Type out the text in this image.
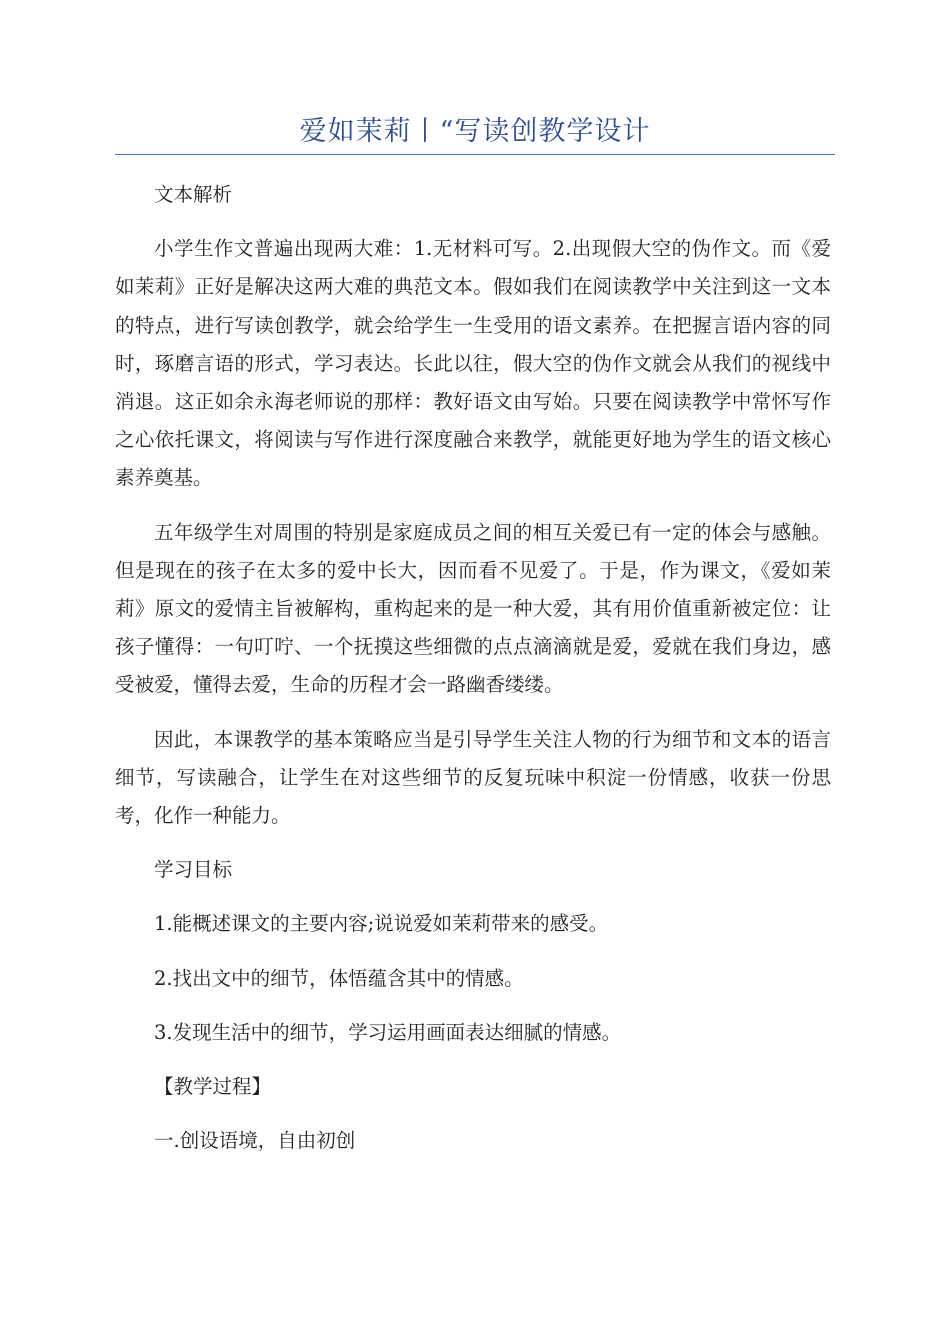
爱如茉莉丨“写读创教学设计

文本解析

小学生作文普遍出现两大难：1.无材料可写。2.出现假大空的伪作文。而《爱如茉莉》正好是解决这两大难的典范文本。假如我们在阅读教学中关注到这一文本的特点，进行写读创教学，就会给学生一生受用的语文素养。在把握言语内容的同时，琢磨言语的形式，学习表达。长此以往，假大空的伪作文就会从我们的视线中消退。这正如余永海老师说的那样：教好语文由写始。只要在阅读教学中常怀写作之心依托课文，将阅读与写作进行深度融合来教学，就能更好地为学生的语文核心素养奠基。

五年级学生对周围的特别是家庭成员之间的相互关爱已有一定的体会与感触。但是现在的孩子在太多的爱中长大，因而看不见爱了。于是，作为课文，《爱如茉莉》原文的爱情主旨被解构，重构起来的是一种大爱，其有用价值重新被定位：让孩子懂得：一句叮咛、一个抚摸这些细微的点点滴滴就是爱，爱就在我们身边，感受被爱，懂得去爱，生命的历程才会一路幽香缕缕。

因此，本课教学的基本策略应当是引导学生关注人物的行为细节和文本的语言细节，写读融合，让学生在对这些细节的反复玩味中积淀一份情感，收获一份思考，化作一种能力。

学习目标

1.能概述课文的主要内容;说说爱如茉莉带来的感受。

2.找出文中的细节，体悟蕴含其中的情感。

3.发现生活中的细节，学习运用画面表达细腻的情感。

【教学过程】

一.创设语境，自由初创
